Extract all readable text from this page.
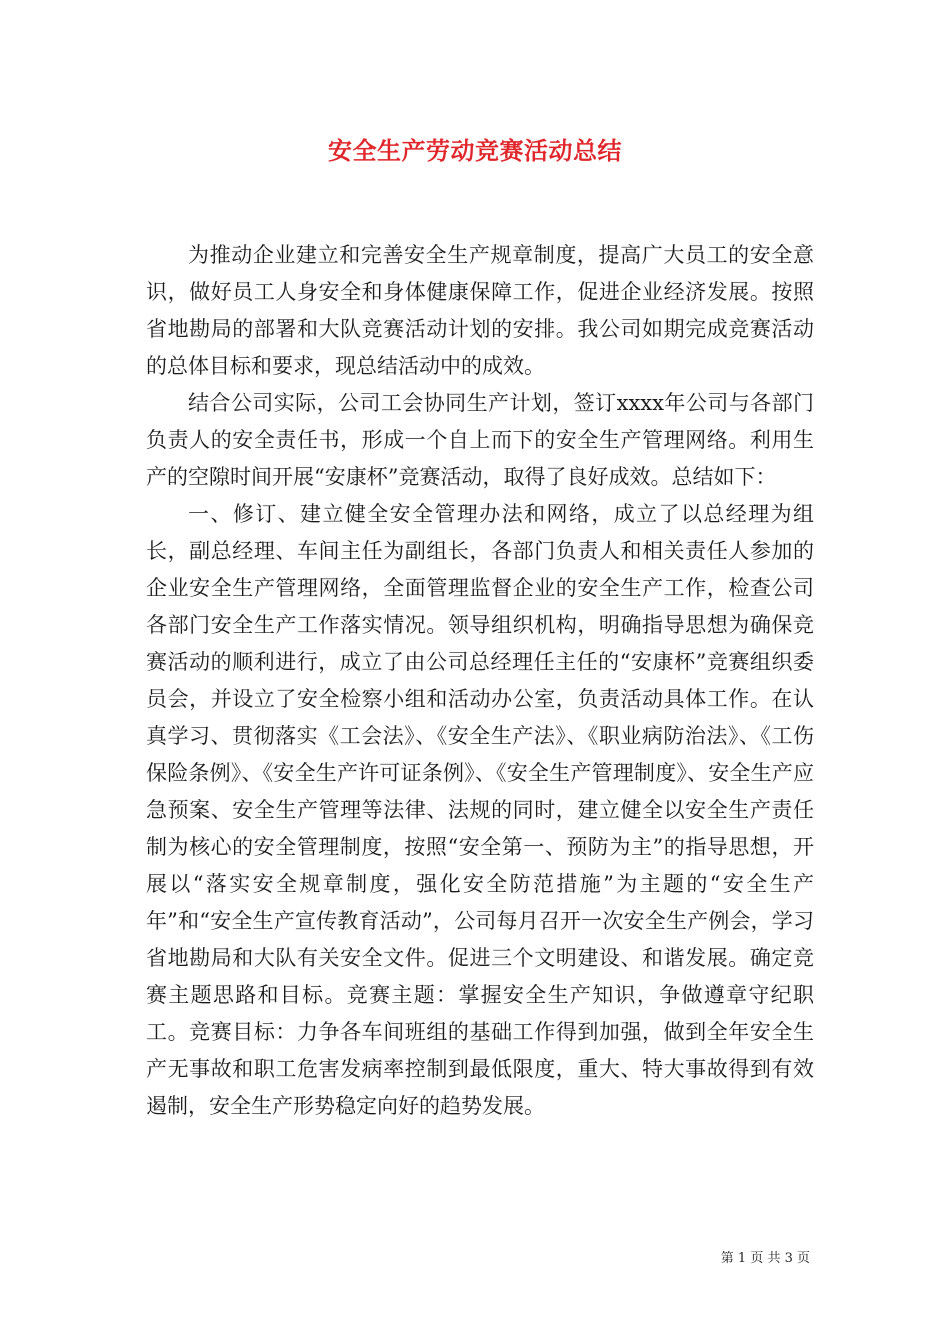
安全生产劳动竞赛活动总结

为推动企业建立和完善安全生产规章制度，提高广大员工的安全意识，做好员工人身安全和身体健康保障工作，促进企业经济发展。按照省地勘局的部署和大队竞赛活动计划的安排。我公司如期完成竞赛活动的总体目标和要求，现总结活动中的成效。

结合公司实际，公司工会协同生产计划，签订xxxx年公司与各部门负责人的安全责任书，形成一个自上而下的安全生产管理网络。利用生产的空隙时间开展“安康杯”竞赛活动，取得了良好成效。总结如下：

一、修订、建立健全安全管理办法和网络，成立了以总经理为组长，副总经理、车间主任为副组长，各部门负责人和相关责任人参加的企业安全生产管理网络，全面管理监督企业的安全生产工作，检查公司各部门安全生产工作落实情况。领导组织机构，明确指导思想为确保竞赛活动的顺利进行，成立了由公司总经理任主任的“安康杯”竞赛组织委员会，并设立了安全检察小组和活动办公室，负责活动具体工作。在认真学习、贯彻落实《工会法》、《安全生产法》、《职业病防治法》、《工伤保险条例》、《安全生产许可证条例》、《安全生产管理制度》、安全生产应急预案、安全生产管理等法律、法规的同时，建立健全以安全生产责任制为核心的安全管理制度，按照“安全第一、预防为主”的指导思想，开展以“落实安全规章制度，强化安全防范措施”为主题的“安全生产年”和“安全生产宣传教育活动”，公司每月召开一次安全生产例会，学习省地勘局和大队有关安全文件。促进三个文明建设、和谐发展。确定竞赛主题思路和目标。竞赛主题：掌握安全生产知识，争做遵章守纪职工。竞赛目标：力争各车间班组的基础工作得到加强，做到全年安全生产无事故和职工危害发病率控制到最低限度，重大、特大事故得到有效遏制，安全生产形势稳定向好的趋势发展。

第 1 页 共 3 页
